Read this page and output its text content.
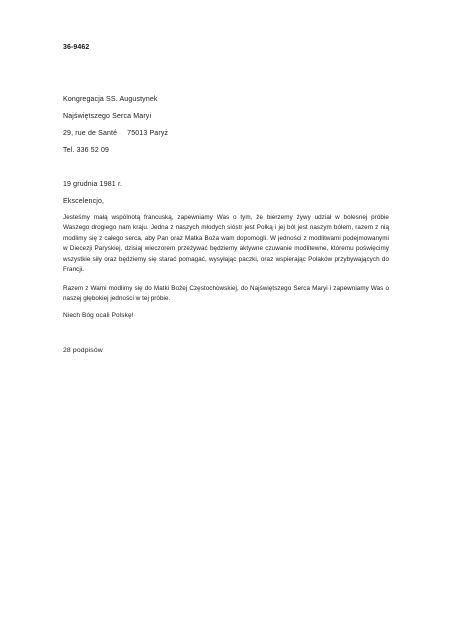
36-9462
Kongregacja SS. Augustynek
Najświętszego Serca Maryi
29, rue de Santé 75013 Paryż
Tel. 336 52 09
19 grudnia 1981 r.
Ekscelencjo,

Jesteśmy małą wspólnotą francuską, zapewniamy Was o tym, że bierzemy żywy udział w bolesnej próbie Waszego drogiego nam kraju. Jedna z naszych młodych sióstr jest Polką i jej ból jest naszym bólem, razem z nią modlimy się z całego serca, aby Pan oraz Matka Boża wam dopomogli. W jedności z modlitwami podejmowanymi w Diecezji Paryskiej, dzisiaj wieczorem przeżywać będziemy aktywne czuwanie modlitewne, któremu poświęcimy wszystkie siły oraz będziemy się starać pomagać, wysyłając paczki, oraz wspierając Polaków przybywających do Francji.

Razem z Wami modlimy się do Matki Bożej Częstochowskiej, do Najświętszego Serca Maryi i zapewniamy Was o naszej głębokiej jedności w tej próbie.

Niech Bóg ocali Polskę!
28 podpisów
